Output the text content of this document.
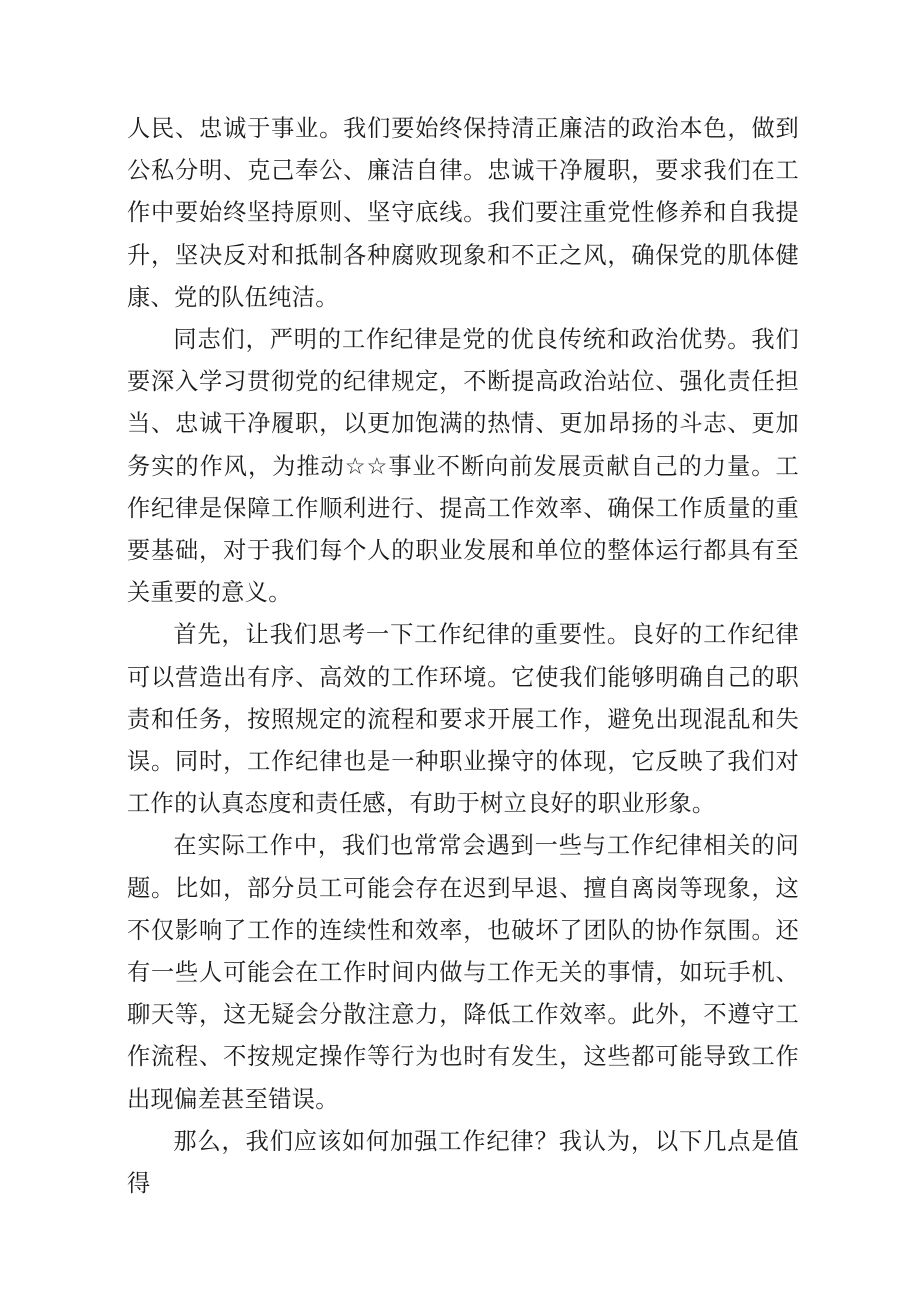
人民、忠诚于事业。我们要始终保持清正廉洁的政治本色，做到公私分明、克己奉公、廉洁自律。忠诚干净履职，要求我们在工作中要始终坚持原则、坚守底线。我们要注重党性修养和自我提升，坚决反对和抵制各种腐败现象和不正之风，确保党的肌体健康、党的队伍纯洁。

同志们，严明的工作纪律是党的优良传统和政治优势。我们要深入学习贯彻党的纪律规定，不断提高政治站位、强化责任担当、忠诚干净履职，以更加饱满的热情、更加昂扬的斗志、更加务实的作风，为推动☆☆事业不断向前发展贡献自己的力量。工作纪律是保障工作顺利进行、提高工作效率、确保工作质量的重要基础，对于我们每个人的职业发展和单位的整体运行都具有至关重要的意义。

首先，让我们思考一下工作纪律的重要性。良好的工作纪律可以营造出有序、高效的工作环境。它使我们能够明确自己的职责和任务，按照规定的流程和要求开展工作，避免出现混乱和失误。同时，工作纪律也是一种职业操守的体现，它反映了我们对工作的认真态度和责任感，有助于树立良好的职业形象。

在实际工作中，我们也常常会遇到一些与工作纪律相关的问题。比如，部分员工可能会存在迟到早退、擅自离岗等现象，这不仅影响了工作的连续性和效率，也破坏了团队的协作氛围。还有一些人可能会在工作时间内做与工作无关的事情，如玩手机、聊天等，这无疑会分散注意力，降低工作效率。此外，不遵守工作流程、不按规定操作等行为也时有发生，这些都可能导致工作出现偏差甚至错误。

那么，我们应该如何加强工作纪律？我认为，以下几点是值得
